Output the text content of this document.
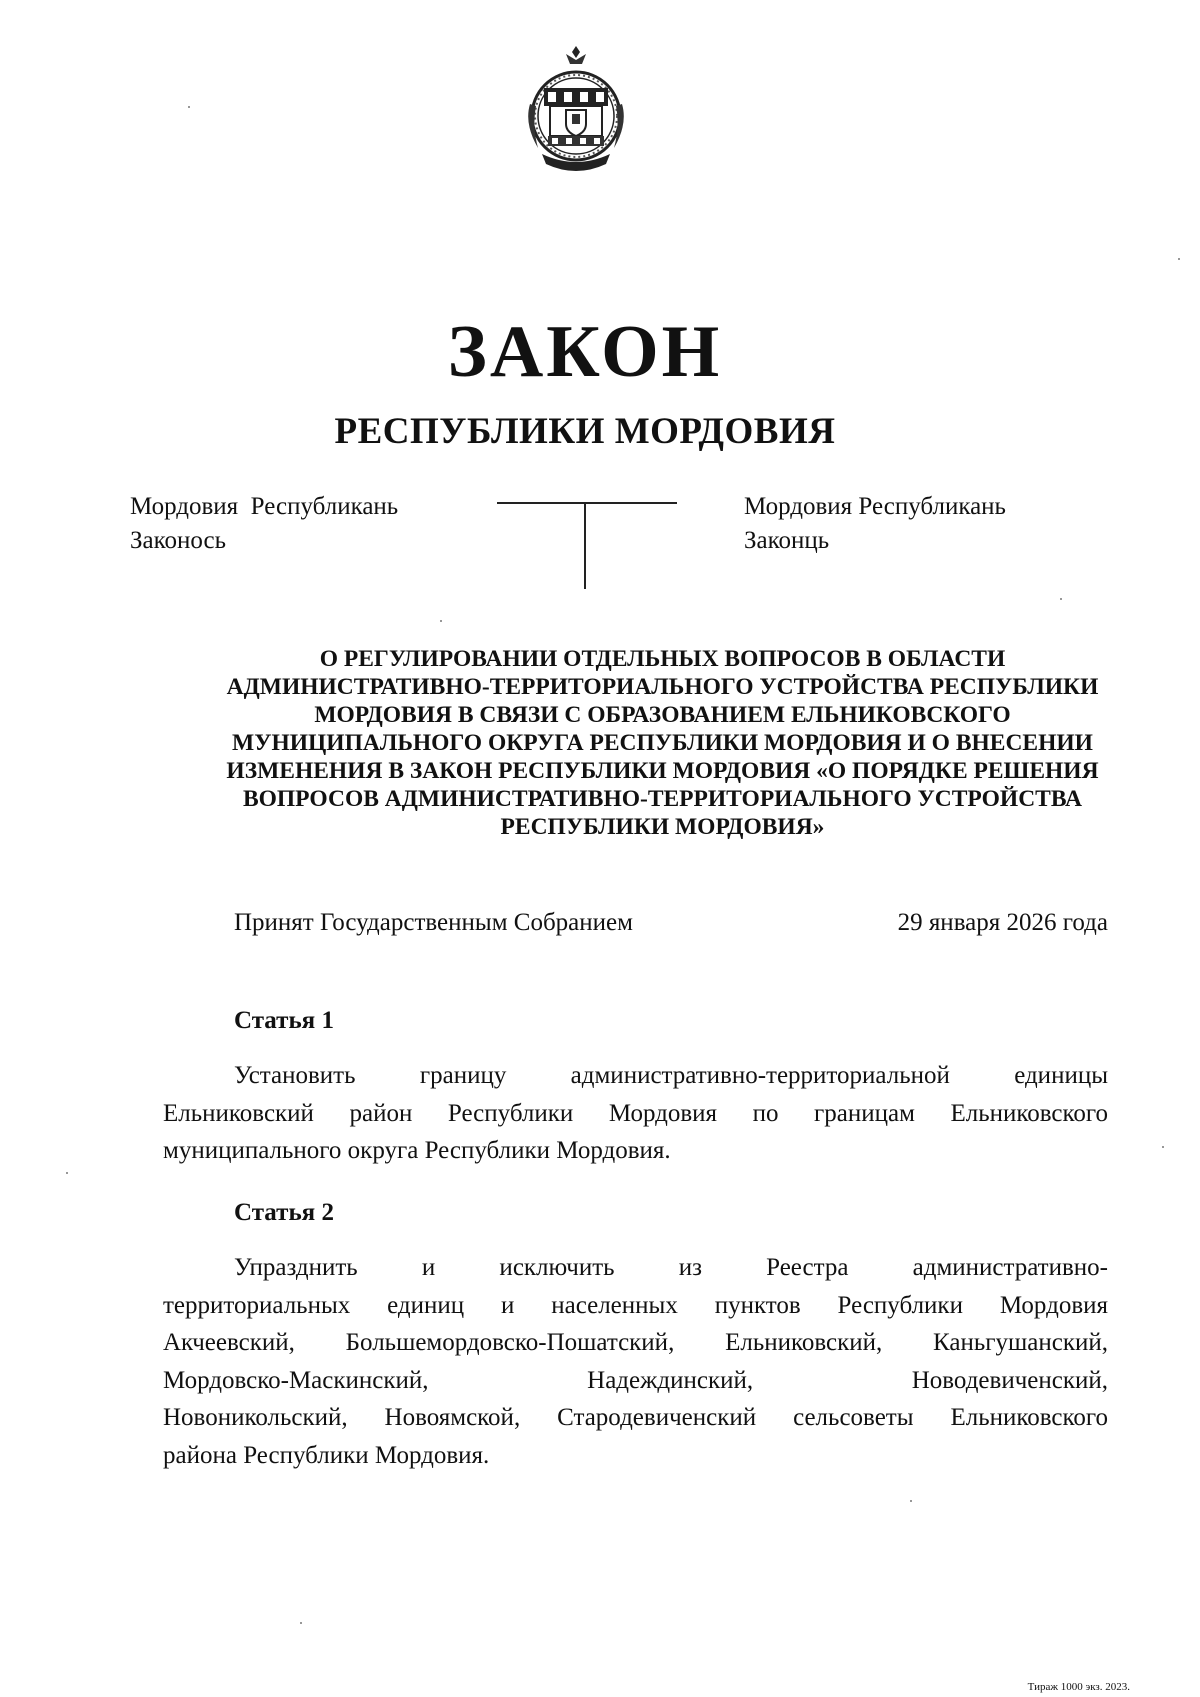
ЗАКОН
РЕСПУБЛИКИ МОРДОВИЯ
Мордовия  Республикань
Законось
Мордовия Республикань
Законць
О РЕГУЛИРОВАНИИ ОТДЕЛЬНЫХ ВОПРОСОВ В ОБЛАСТИ
АДМИНИСТРАТИВНО-ТЕРРИТОРИАЛЬНОГО УСТРОЙСТВА РЕСПУБЛИКИ
МОРДОВИЯ В СВЯЗИ С ОБРАЗОВАНИЕМ ЕЛЬНИКОВСКОГО
МУНИЦИПАЛЬНОГО ОКРУГА РЕСПУБЛИКИ МОРДОВИЯ И О ВНЕСЕНИИ
ИЗМЕНЕНИЯ В ЗАКОН РЕСПУБЛИКИ МОРДОВИЯ «О ПОРЯДКЕ РЕШЕНИЯ
ВОПРОСОВ АДМИНИСТРАТИВНО-ТЕРРИТОРИАЛЬНОГО УСТРОЙСТВА
РЕСПУБЛИКИ МОРДОВИЯ»
Принят Государственным Собранием	29 января 2026 года
Статья 1
Установить границу административно-территориальной единицы
Ельниковский район Республики Мордовия по границам Ельниковского
муниципального округа Республики Мордовия.
Статья 2
Упразднить и исключить из Реестра административно-
территориальных единиц и населенных пунктов Республики Мордовия
Акчеевский, Большемордовско-Пошатский, Ельниковский, Каньгушанский,
Мордовско-Маскинский, Надеждинский, Новодевиченский,
Новоникольский, Новоямской, Стародевиченский сельсоветы Ельниковского
района Республики Мордовия.
Тираж 1000 экз. 2023.
